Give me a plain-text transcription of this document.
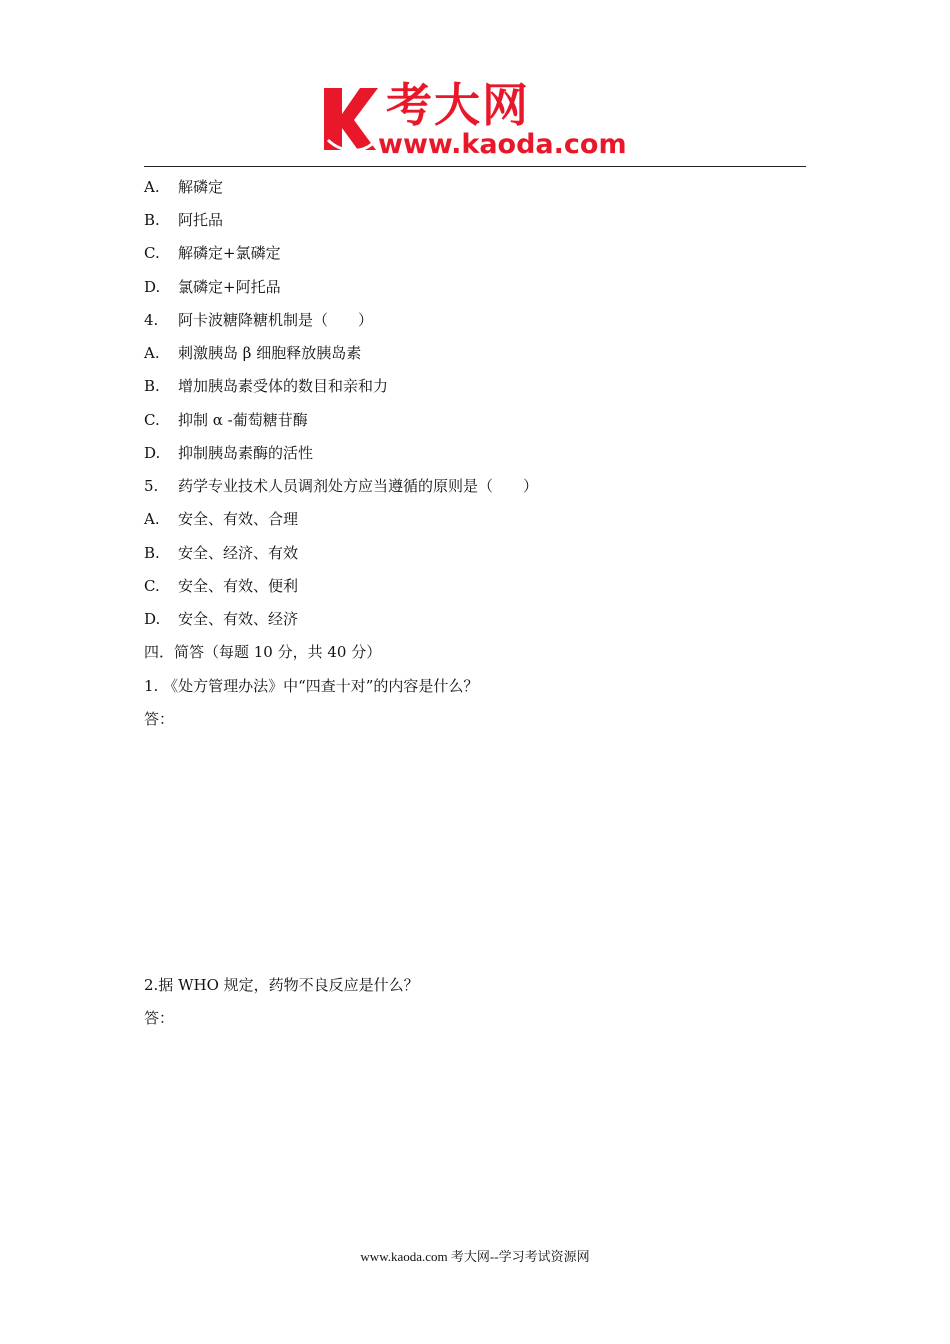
考大网
www.kaoda.com
A. 解磷定
B. 阿托品
C. 解磷定+氯磷定
D. 氯磷定+阿托品
4. 阿卡波糖降糖机制是（　　）
A. 刺激胰岛 β 细胞释放胰岛素
B. 增加胰岛素受体的数目和亲和力
C. 抑制 α -葡萄糖苷酶
D. 抑制胰岛素酶的活性
5. 药学专业技术人员调剂处方应当遵循的原则是（　　）
A. 安全、有效、合理
B. 安全、经济、有效
C. 安全、有效、便利
D. 安全、有效、经济
四．简答（每题 10 分，共 40 分）
1. 《处方管理办法》中“四查十对”的内容是什么？
答：
2.据 WHO 规定，药物不良反应是什么？
答：
www.kaoda.com 考大网--学习考试资源网
